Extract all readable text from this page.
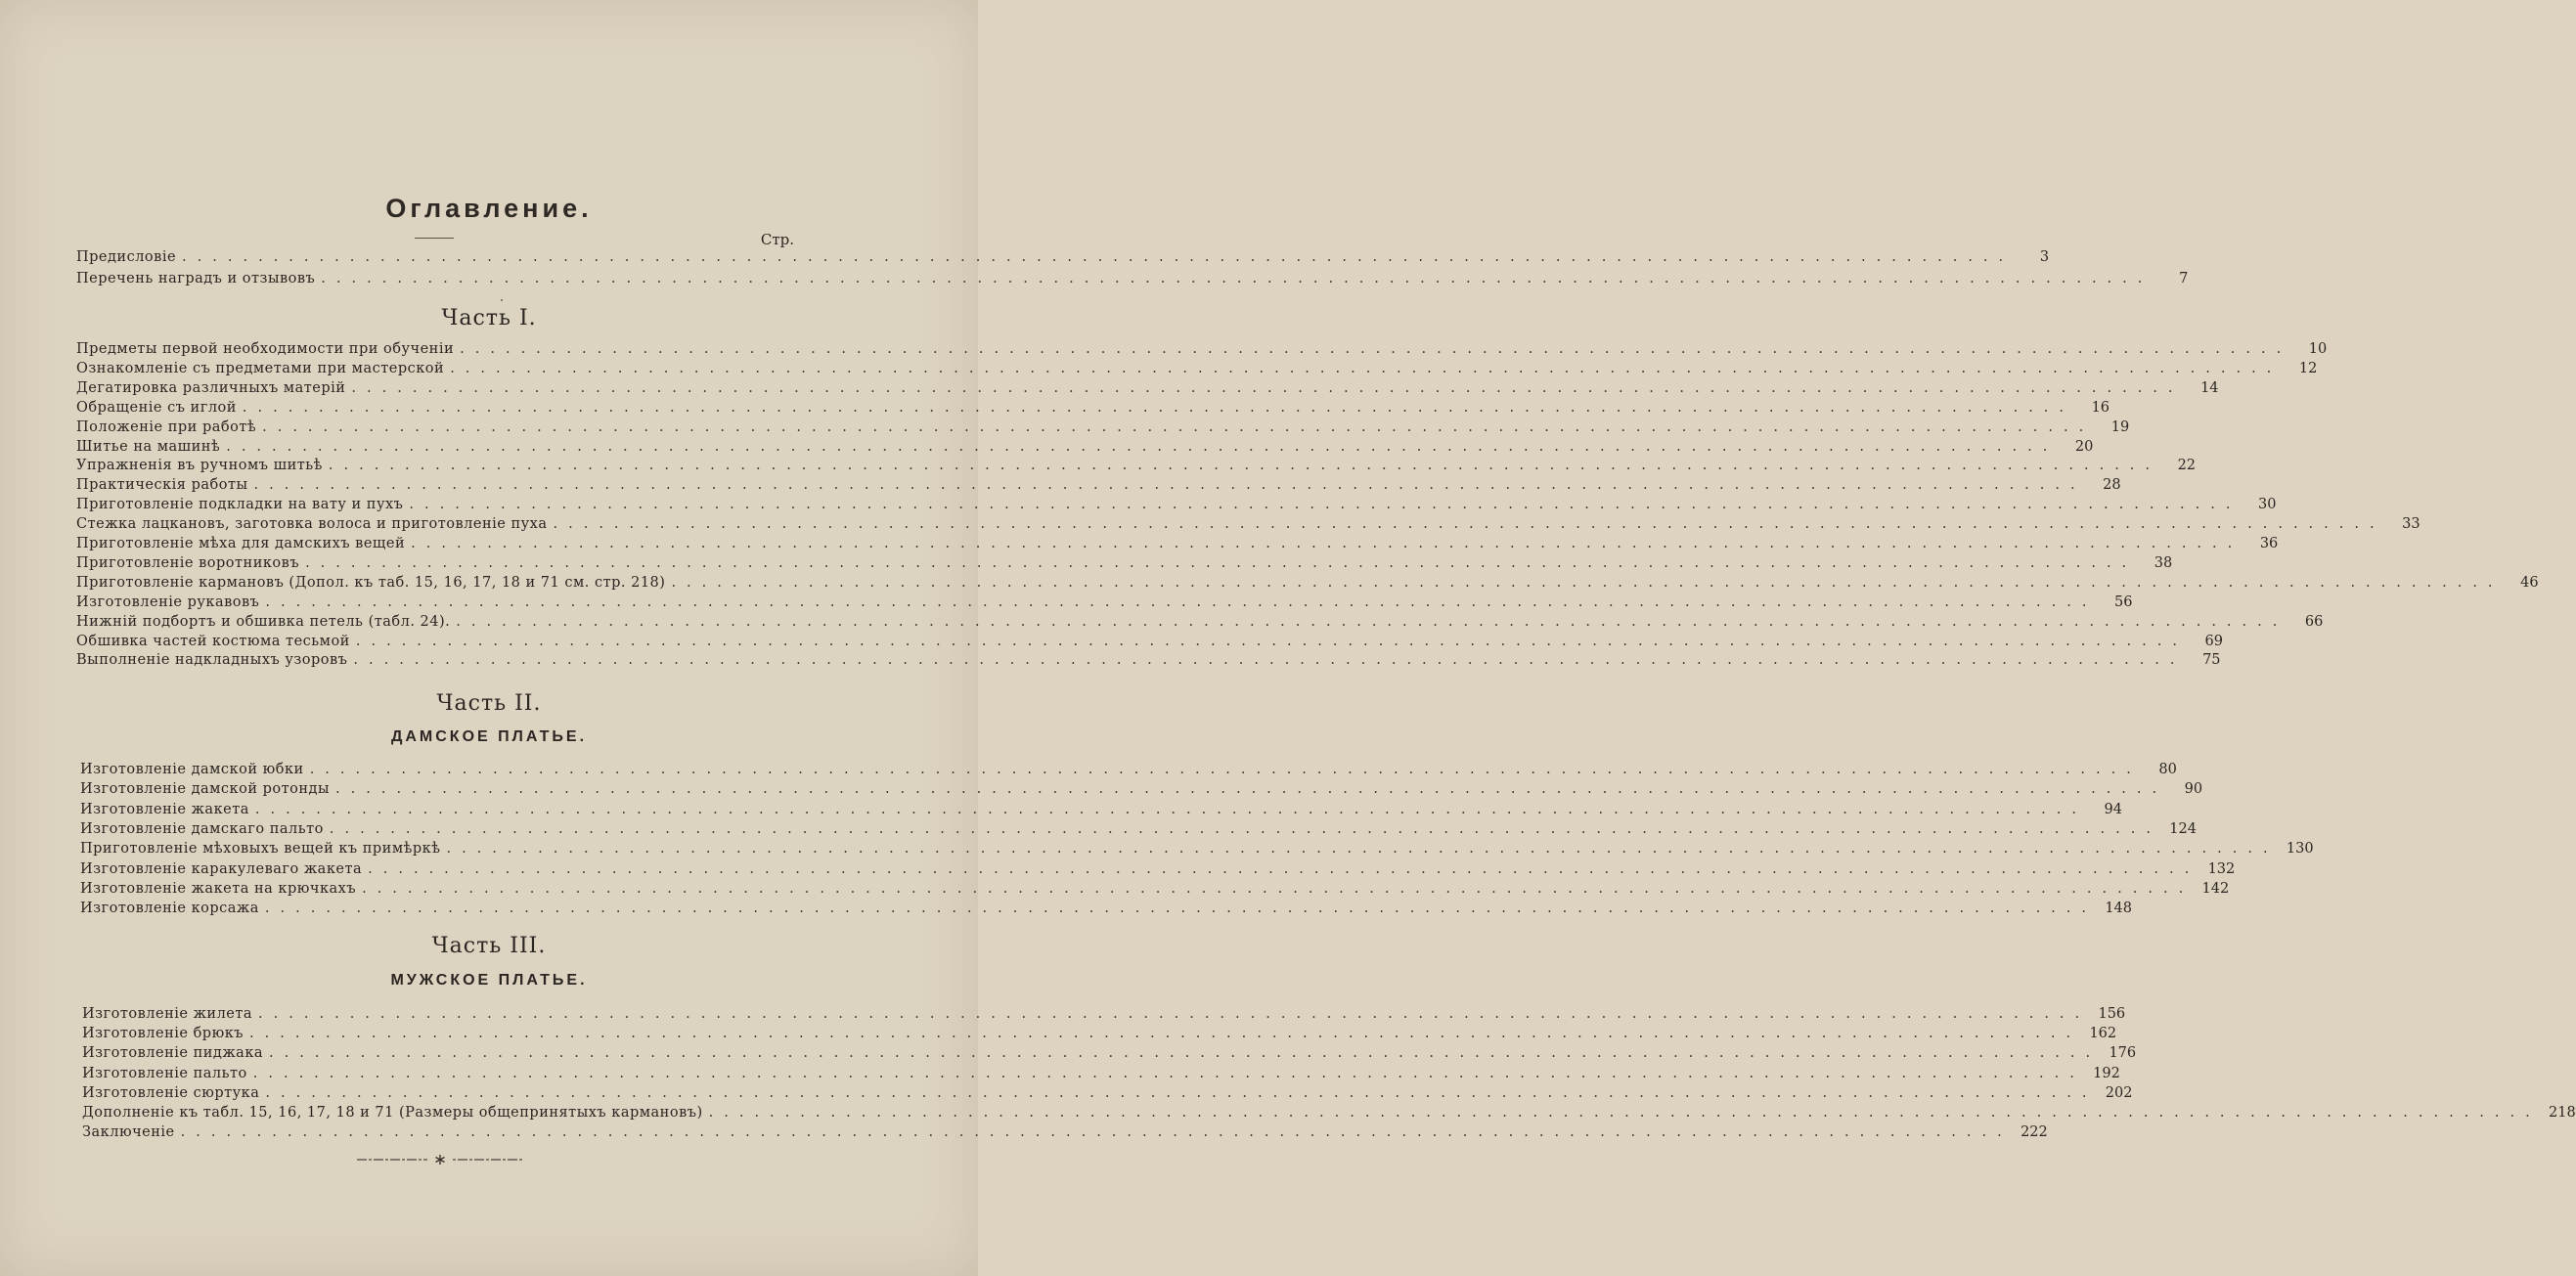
Оглавление.
Стр.
Предисловіе ........................................................................................................................	3
Перечень наградъ и отзывовъ ........................................................................................................................	7
Часть I.
Предметы первой необходимости при обученіи ........................................................................................................................	10
Ознакомленіе съ предметами при мастерской ........................................................................................................................	12
Дегатировка различныхъ матерій ........................................................................................................................	14
Обращеніе съ иглой ........................................................................................................................	16
Положеніе при работѣ ........................................................................................................................	19
Шитье на машинѣ ........................................................................................................................	20
Упражненія въ ручномъ шитьѣ ........................................................................................................................	22
Практическія работы ........................................................................................................................	28
Приготовленіе подкладки на вату и пухъ ........................................................................................................................	30
Стежка лацкановъ, заготовка волоса и приготовленіе пуха ........................................................................................................................	33
Приготовленіе мѣха для дамскихъ вещей ........................................................................................................................	36
Приготовленіе воротниковъ ........................................................................................................................	38
Приготовленіе кармановъ (Допол. къ таб. 15, 16, 17, 18 и 71 см. стр. 218) ........................................................................................................................	46
Изготовленіе рукавовъ ........................................................................................................................	56
Нижній подбортъ и обшивка петель (табл. 24). ........................................................................................................................	66
Обшивка частей костюма тесьмой ........................................................................................................................	69
Выполненіе надкладныхъ узоровъ ........................................................................................................................	75
Часть II.
ДАМСКОЕ ПЛАТЬЕ.
Изготовленіе дамской юбки ........................................................................................................................	80
Изготовленіе дамской ротонды ........................................................................................................................	90
Изготовленіе жакета ........................................................................................................................	94
Изготовленіе дамскаго пальто ........................................................................................................................ 124
Приготовленіе мѣховыхъ вещей къ примѣркѣ ........................................................................................................................ 130
Изготовленіе каракулеваго жакета ........................................................................................................................ 132
Изготовленіе жакета на крючкахъ ........................................................................................................................ 142
Изготовленіе корсажа ........................................................................................................................ 148
Часть III.
МУЖСКОЕ ПЛАТЬЕ.
Изготовленіе жилета ........................................................................................................................ 156
Изготовленіе брюкъ ........................................................................................................................ 162
Изготовленіе пиджака ........................................................................................................................ 176
Изготовленіе пальто ........................................................................................................................ 192
Изготовленіе сюртука ........................................................................................................................ 202
Дополненіе къ табл. 15, 16, 17, 18 и 71 (Размеры общепринятыхъ кармановъ) ........................................................................................................................ 218
Заключеніе ........................................................................................................................ 222
